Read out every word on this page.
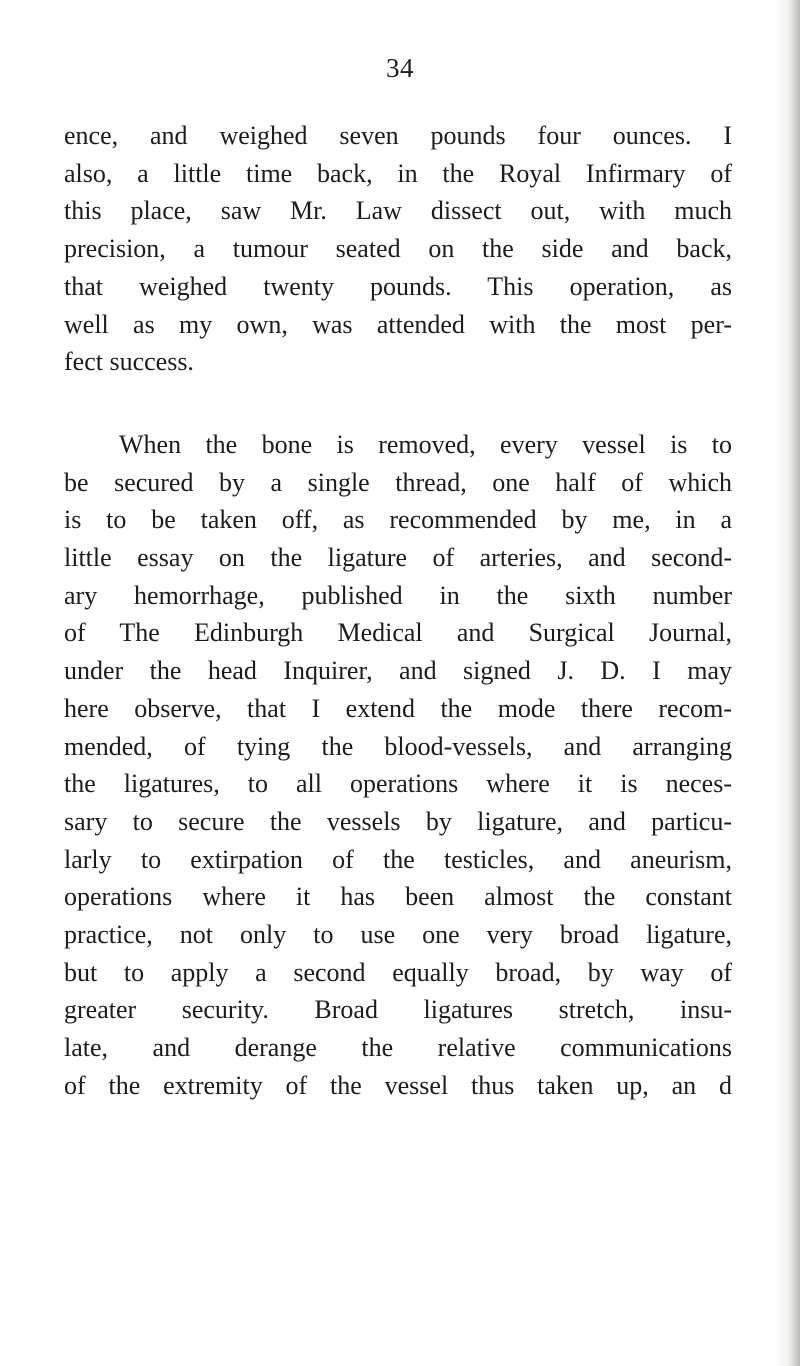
34
ence, and weighed seven pounds four ounces. I
also, a little time back, in the Royal Infirmary of
this place, saw Mr. Law dissect out, with much
precision, a tumour seated on the side and back,
that weighed twenty pounds. This operation, as
well as my own, was attended with the most per-
fect success.
When the bone is removed, every vessel is to
be secured by a single thread, one half of which
is to be taken off, as recommended by me, in a
little essay on the ligature of arteries, and second-
ary hemorrhage, published in the sixth number
of The Edinburgh Medical and Surgical Journal,
under the head Inquirer, and signed J. D. I may
here observe, that I extend the mode there recom-
mended, of tying the blood-vessels, and arranging
the ligatures, to all operations where it is neces-
sary to secure the vessels by ligature, and particu-
larly to extirpation of the testicles, and aneurism,
operations where it has been almost the constant
practice, not only to use one very broad ligature,
but to apply a second equally broad, by way of
greater security. Broad ligatures stretch, insu-
late, and derange the relative communications
of the extremity of the vessel thus taken up, an d
